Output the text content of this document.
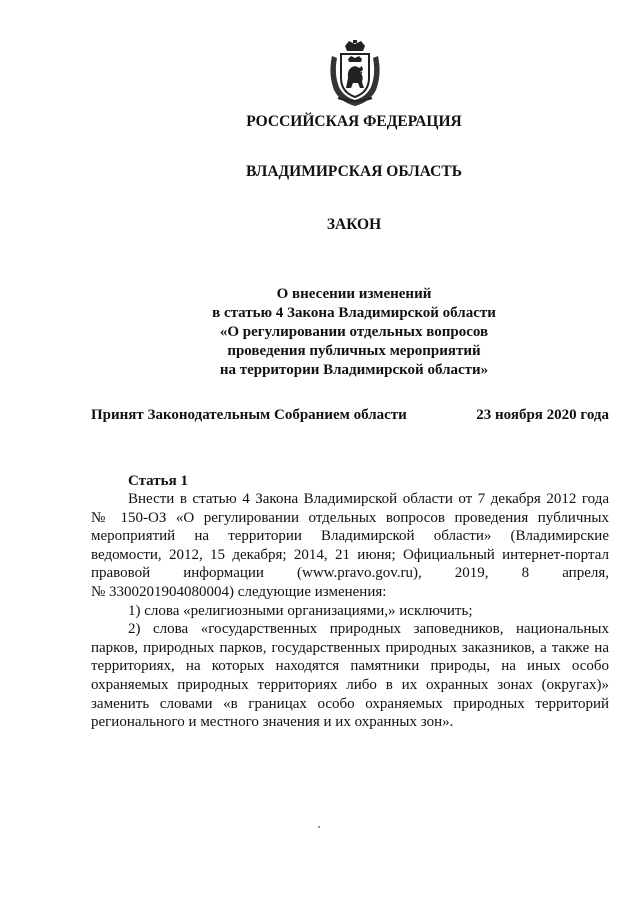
РОССИЙСКАЯ ФЕДЕРАЦИЯ
ВЛАДИМИРСКАЯ ОБЛАСТЬ
ЗАКОН
О внесении изменений
в статью 4 Закона Владимирской области
«О регулировании отдельных вопросов
проведения публичных мероприятий
на территории Владимирской области»
Принят Законодательным Собранием области	23 ноября 2020 года
Статья 1
Внести в статью 4 Закона Владимирской области от 7 декабря 2012 года
№ 150-ОЗ «О регулировании отдельных вопросов проведения публичных
мероприятий на территории Владимирской области» (Владимирские
ведомости, 2012, 15 декабря; 2014, 21 июня; Официальный интернет-портал
правовой информации (www.pravo.gov.ru), 2019, 8 апреля,
№ 3300201904080004) следующие изменения:
1) слова «религиозными организациями,» исключить;
2) слова «государственных природных заповедников, национальных
парков, природных парков, государственных природных заказников, а также на
территориях, на которых находятся памятники природы, на иных особо
охраняемых природных территориях либо в их охранных зонах (округах)»
заменить словами «в границах особо охраняемых природных территорий
регионального и местного значения и их охранных зон».
